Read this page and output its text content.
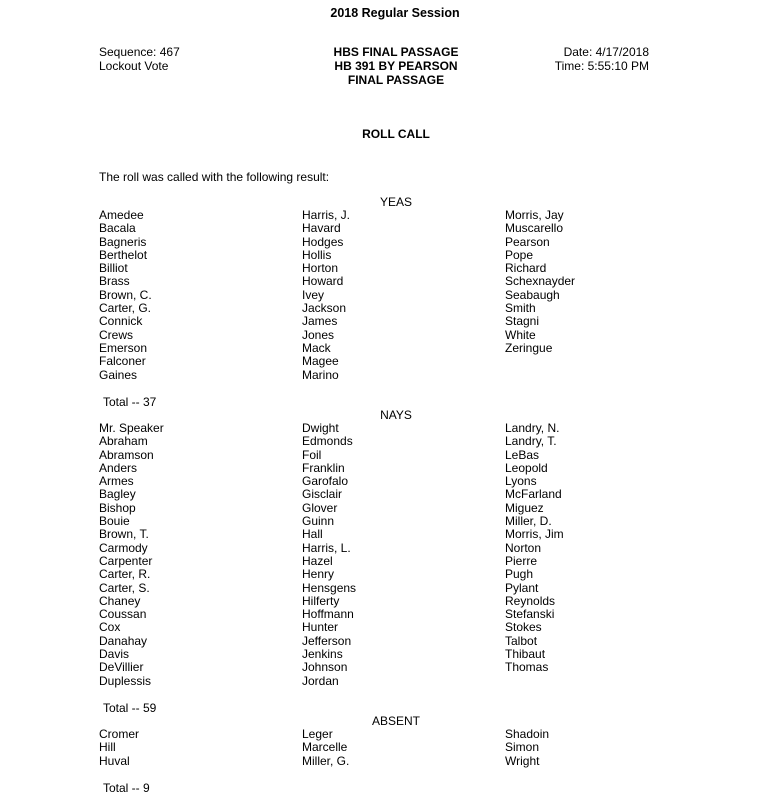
2018 Regular Session
Sequence: 467
Lockout Vote
HBS FINAL PASSAGE
HB 391 BY PEARSON
FINAL PASSAGE
Date: 4/17/2018
Time: 5:55:10 PM
ROLL CALL
The roll was called with the following result:
YEAS
Amedee
Bacala
Bagneris
Berthelot
Billiot
Brass
Brown, C.
Carter, G.
Connick
Crews
Emerson
Falconer
Gaines
Harris, J.
Havard
Hodges
Hollis
Horton
Howard
Ivey
Jackson
James
Jones
Mack
Magee
Marino
Morris, Jay
Muscarello
Pearson
Pope
Richard
Schexnayder
Seabaugh
Smith
Stagni
White
Zeringue
Total -- 37
NAYS
Mr. Speaker
Abraham
Abramson
Anders
Armes
Bagley
Bishop
Bouie
Brown, T.
Carmody
Carpenter
Carter, R.
Carter, S.
Chaney
Coussan
Cox
Danahay
Davis
DeVillier
Duplessis
Dwight
Edmonds
Foil
Franklin
Garofalo
Gisclair
Glover
Guinn
Hall
Harris, L.
Hazel
Henry
Hensgens
Hilferty
Hoffmann
Hunter
Jefferson
Jenkins
Johnson
Jordan
Landry, N.
Landry, T.
LeBas
Leopold
Lyons
McFarland
Miguez
Miller, D.
Morris, Jim
Norton
Pierre
Pugh
Pylant
Reynolds
Stefanski
Stokes
Talbot
Thibaut
Thomas
Total -- 59
ABSENT
Cromer
Hill
Huval
Leger
Marcelle
Miller, G.
Shadoin
Simon
Wright
Total -- 9
